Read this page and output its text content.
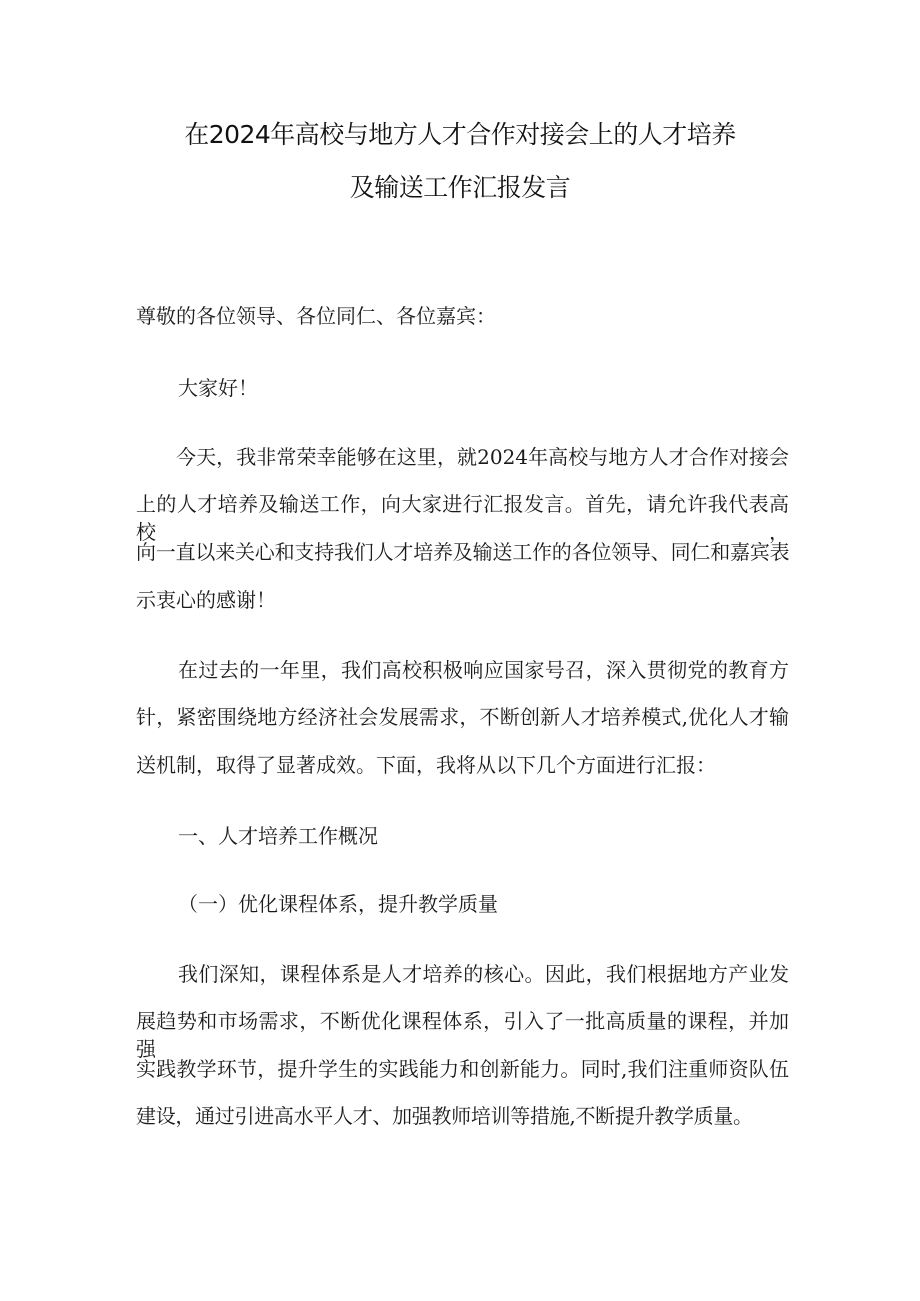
在2024年高校与地方人才合作对接会上的人才培养
及输送工作汇报发言

尊敬的各位领导、各位同仁、各位嘉宾：

大家好！

今天，我非常荣幸能够在这里，就2024年高校与地方人才合作对接会

上的人才培养及输送工作，向大家进行汇报发言。首先，请允许我代表高校，

向一直以来关心和支持我们人才培养及输送工作的各位领导、同仁和嘉宾表

示衷心的感谢！

在过去的一年里，我们高校积极响应国家号召，深入贯彻党的教育方

针，紧密围绕地方经济社会发展需求，不断创新人才培养模式,优化人才输

送机制，取得了显著成效。下面，我将从以下几个方面进行汇报：

一、人才培养工作概况

（一）优化课程体系，提升教学质量

我们深知，课程体系是人才培养的核心。因此，我们根据地方产业发

展趋势和市场需求，不断优化课程体系，引入了一批高质量的课程，并加强

实践教学环节，提升学生的实践能力和创新能力。同时,我们注重师资队伍

建设，通过引进高水平人才、加强教师培训等措施,不断提升教学质量。
